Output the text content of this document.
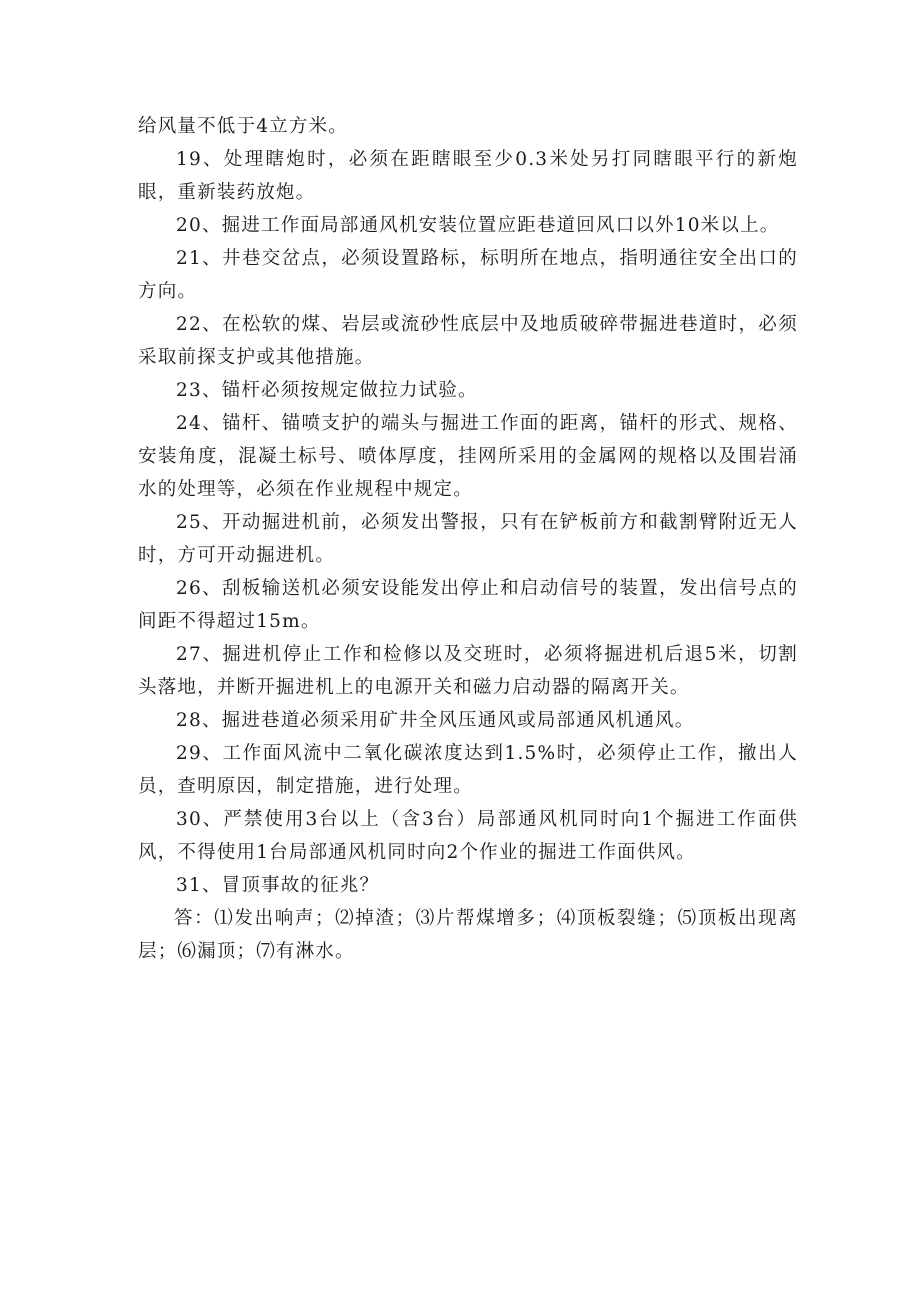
给风量不低于4立方米。

19、处理瞎炮时，必须在距瞎眼至少0.3米处另打同瞎眼平行的新炮眼，重新装药放炮。

20、掘进工作面局部通风机安装位置应距巷道回风口以外10米以上。

21、井巷交岔点，必须设置路标，标明所在地点，指明通往安全出口的方向。

22、在松软的煤、岩层或流砂性底层中及地质破碎带掘进巷道时，必须采取前探支护或其他措施。

23、锚杆必须按规定做拉力试验。

24、锚杆、锚喷支护的端头与掘进工作面的距离，锚杆的形式、规格、安装角度，混凝土标号、喷体厚度，挂网所采用的金属网的规格以及围岩涌水的处理等，必须在作业规程中规定。

25、开动掘进机前，必须发出警报，只有在铲板前方和截割臂附近无人时，方可开动掘进机。

26、刮板输送机必须安设能发出停止和启动信号的装置，发出信号点的间距不得超过15m。

27、掘进机停止工作和检修以及交班时，必须将掘进机后退5米，切割头落地，并断开掘进机上的电源开关和磁力启动器的隔离开关。

28、掘进巷道必须采用矿井全风压通风或局部通风机通风。

29、工作面风流中二氧化碳浓度达到1.5%时，必须停止工作，撤出人员，查明原因，制定措施，进行处理。

30、严禁使用3台以上（含3台）局部通风机同时向1个掘进工作面供风，不得使用1台局部通风机同时向2个作业的掘进工作面供风。

31、冒顶事故的征兆？

答：⑴发出响声；⑵掉渣；⑶片帮煤增多；⑷顶板裂缝；⑸顶板出现离层；⑹漏顶；⑺有淋水。
